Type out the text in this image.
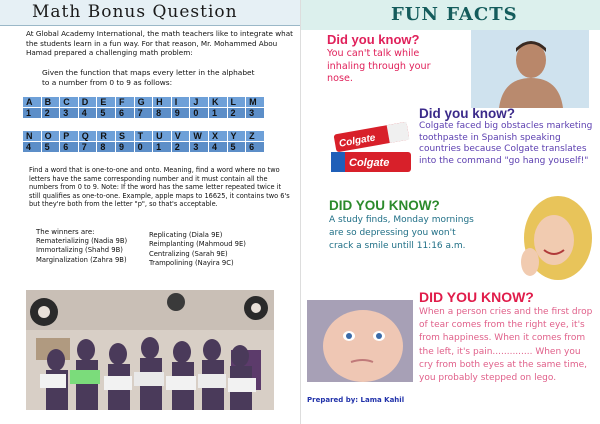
Math Bonus Question
At Global Academy International, the math teachers like to integrate what the students learn in a fun way. For that reason, Mr. Mohammed Abou Hamad prepared a challenging math problem:
Given the function that maps every letter in the alphabet to a number from 0 to 9 as follows:
A	B	C	D	E	F	G	H	I	J	K	L	M
1	2	3	4	5	6	7	8	9	0	1	2	3
N	O	P	Q	R	S	T	U	V	W	X	Y	Z
4	5	6	7	8	9	0	1	2	3	4	5	6
Find a word that is one-to-one and onto. Meaning, find a word where no two letters have the same corresponding number and it must contain all the numbers from 0 to 9. Note: If the word has the same letter repeated twice it still qualifies as one-to-one. Example, apple maps to 16625, it contains two 6's but they're both from the letter "p", so that's acceptable.
The winners are:
Rematerializing (Nadia 9B)
Immortalizing (Shahd 9B)
Marginalization (Zahra 9B)
Replicating (Diala 9E)
Reimplanting (Mahmoud 9E)
Centralizing (Sarah 9E)
Trampolining (Nayira 9C)
FUN FACTS
Did you know?
You can't talk while inhaling through your nose.
Did you know?
Colgate faced big obstacles marketing toothpaste in Spanish speaking countries because Colgate translates into the command "go hang youself!"
Colgate
Colgate
DID YOU KNOW?
A study finds, Monday mornings are so depressing you won't crack a smile untill 11:16 a.m.
DID YOU KNOW?
When a person cries and the first drop of tear comes from the right eye, it's from happiness. When it comes from the left, it's pain.............. When you cry from both eyes at the same time, you probably stepped on lego.
Prepared by: Lama Kahil
